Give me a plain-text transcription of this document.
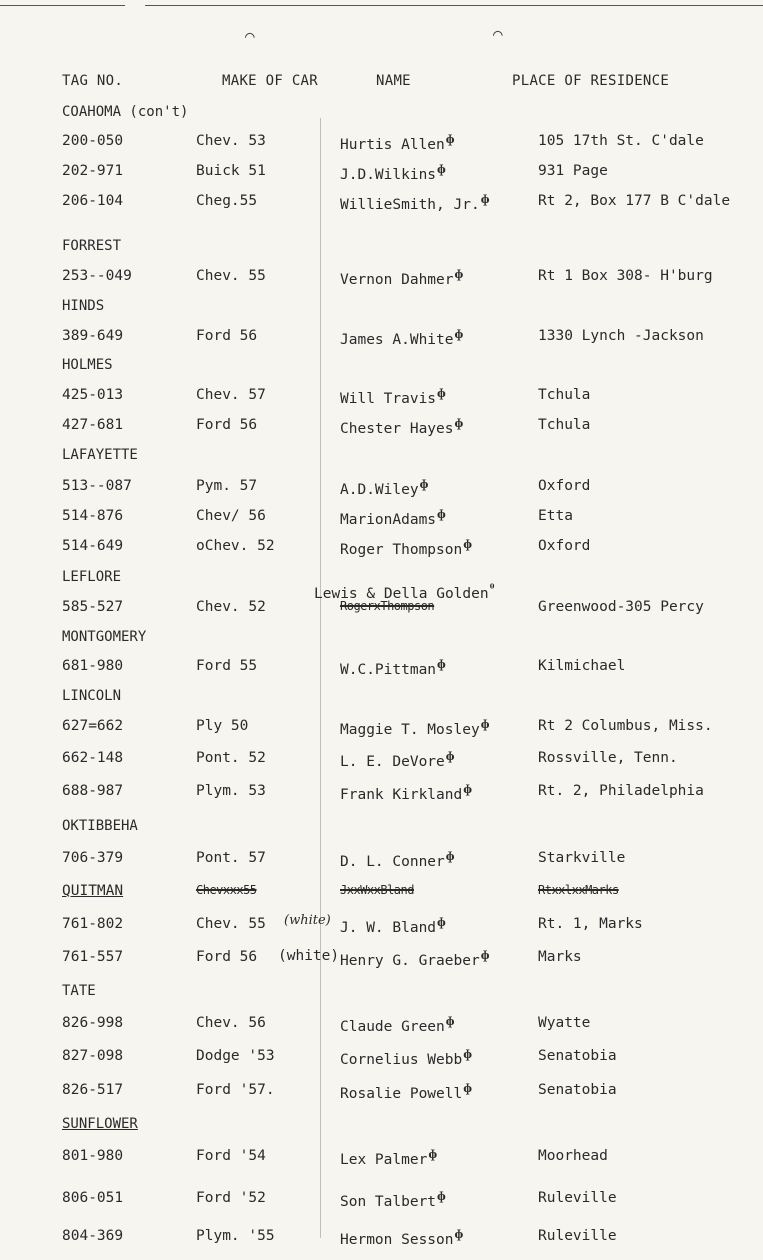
⌒	⌒
TAG NO.	MAKE OF CAR	NAME	PLACE OF RESIDENCE
COAHOMA (con't)
FORREST
HINDS
HOLMES
LAFAYETTE
LEFLORE
MONTGOMERY
LINCOLN
OKTIBBEHA
TATE
SUNFLOWER
200-050	Chev. 53	Hurtis Allen$^ɸ$	105 17th St. C'dale
202-971	Buick 51	J.D.Wilkins$^ɸ$	931 Page
206-104	Cheg.55	WillieSmith, Jr.$^ɸ$	Rt 2, Box 177 B C'dale
253--049	Chev. 55	Vernon Dahmer$^ɸ$	Rt 1 Box 308- H'burg
389-649	Ford 56	James A.White$^ɸ$	1330 Lynch -Jackson
425-013	Chev. 57	Will Travis$^ɸ$	Tchula
427-681	Ford 56	Chester Hayes$^ɸ$	Tchula
513--087	Pym. 57	A.D.Wiley$^ɸ$	Oxford
514-876	Chev/ 56	MarionAdams$^ɸ$	Etta
514-649	oChev. 52	Roger Thompson$^ɸ$	Oxford
585-527	Chev. 52	RogerxThompson	Greenwood-305 Percy
681-980	Ford 55	W.C.Pittman$^ɸ$	Kilmichael
627=662	Ply 50	Maggie T. Mosley$^ɸ$	Rt 2 Columbus, Miss.
662-148	Pont. 52	L. E. DeVore$^ɸ$	Rossville, Tenn.
688-987	Plym. 53	Frank Kirkland$^ɸ$	Rt. 2, Philadelphia
706-379	Pont. 57	D. L. Conner$^ɸ$	Starkville
761-802	Chev. 55	J. W. Bland$^ɸ$	Rt. 1, Marks
761-557	Ford 56	Henry G. Graeber$^ɸ$	Marks
826-998	Chev. 56	Claude Green$^ɸ$	Wyatte
827-098	Dodge '53	Cornelius Webb$^ɸ$	Senatobia
826-517	Ford '57.	Rosalie Powell$^ɸ$	Senatobia
801-980	Ford '54	Lex Palmer$^ɸ$	Moorhead
806-051	Ford '52	Son Talbert$^ɸ$	Ruleville
804-369	Plym. '55	Hermon Sesson$^ɸ$	Ruleville
Lewis & Della Golden$^ᶿ$
QUITMAN	Chevxxx55	JxxWxxBland	RtxxlxxMarks
(white)
(white)
